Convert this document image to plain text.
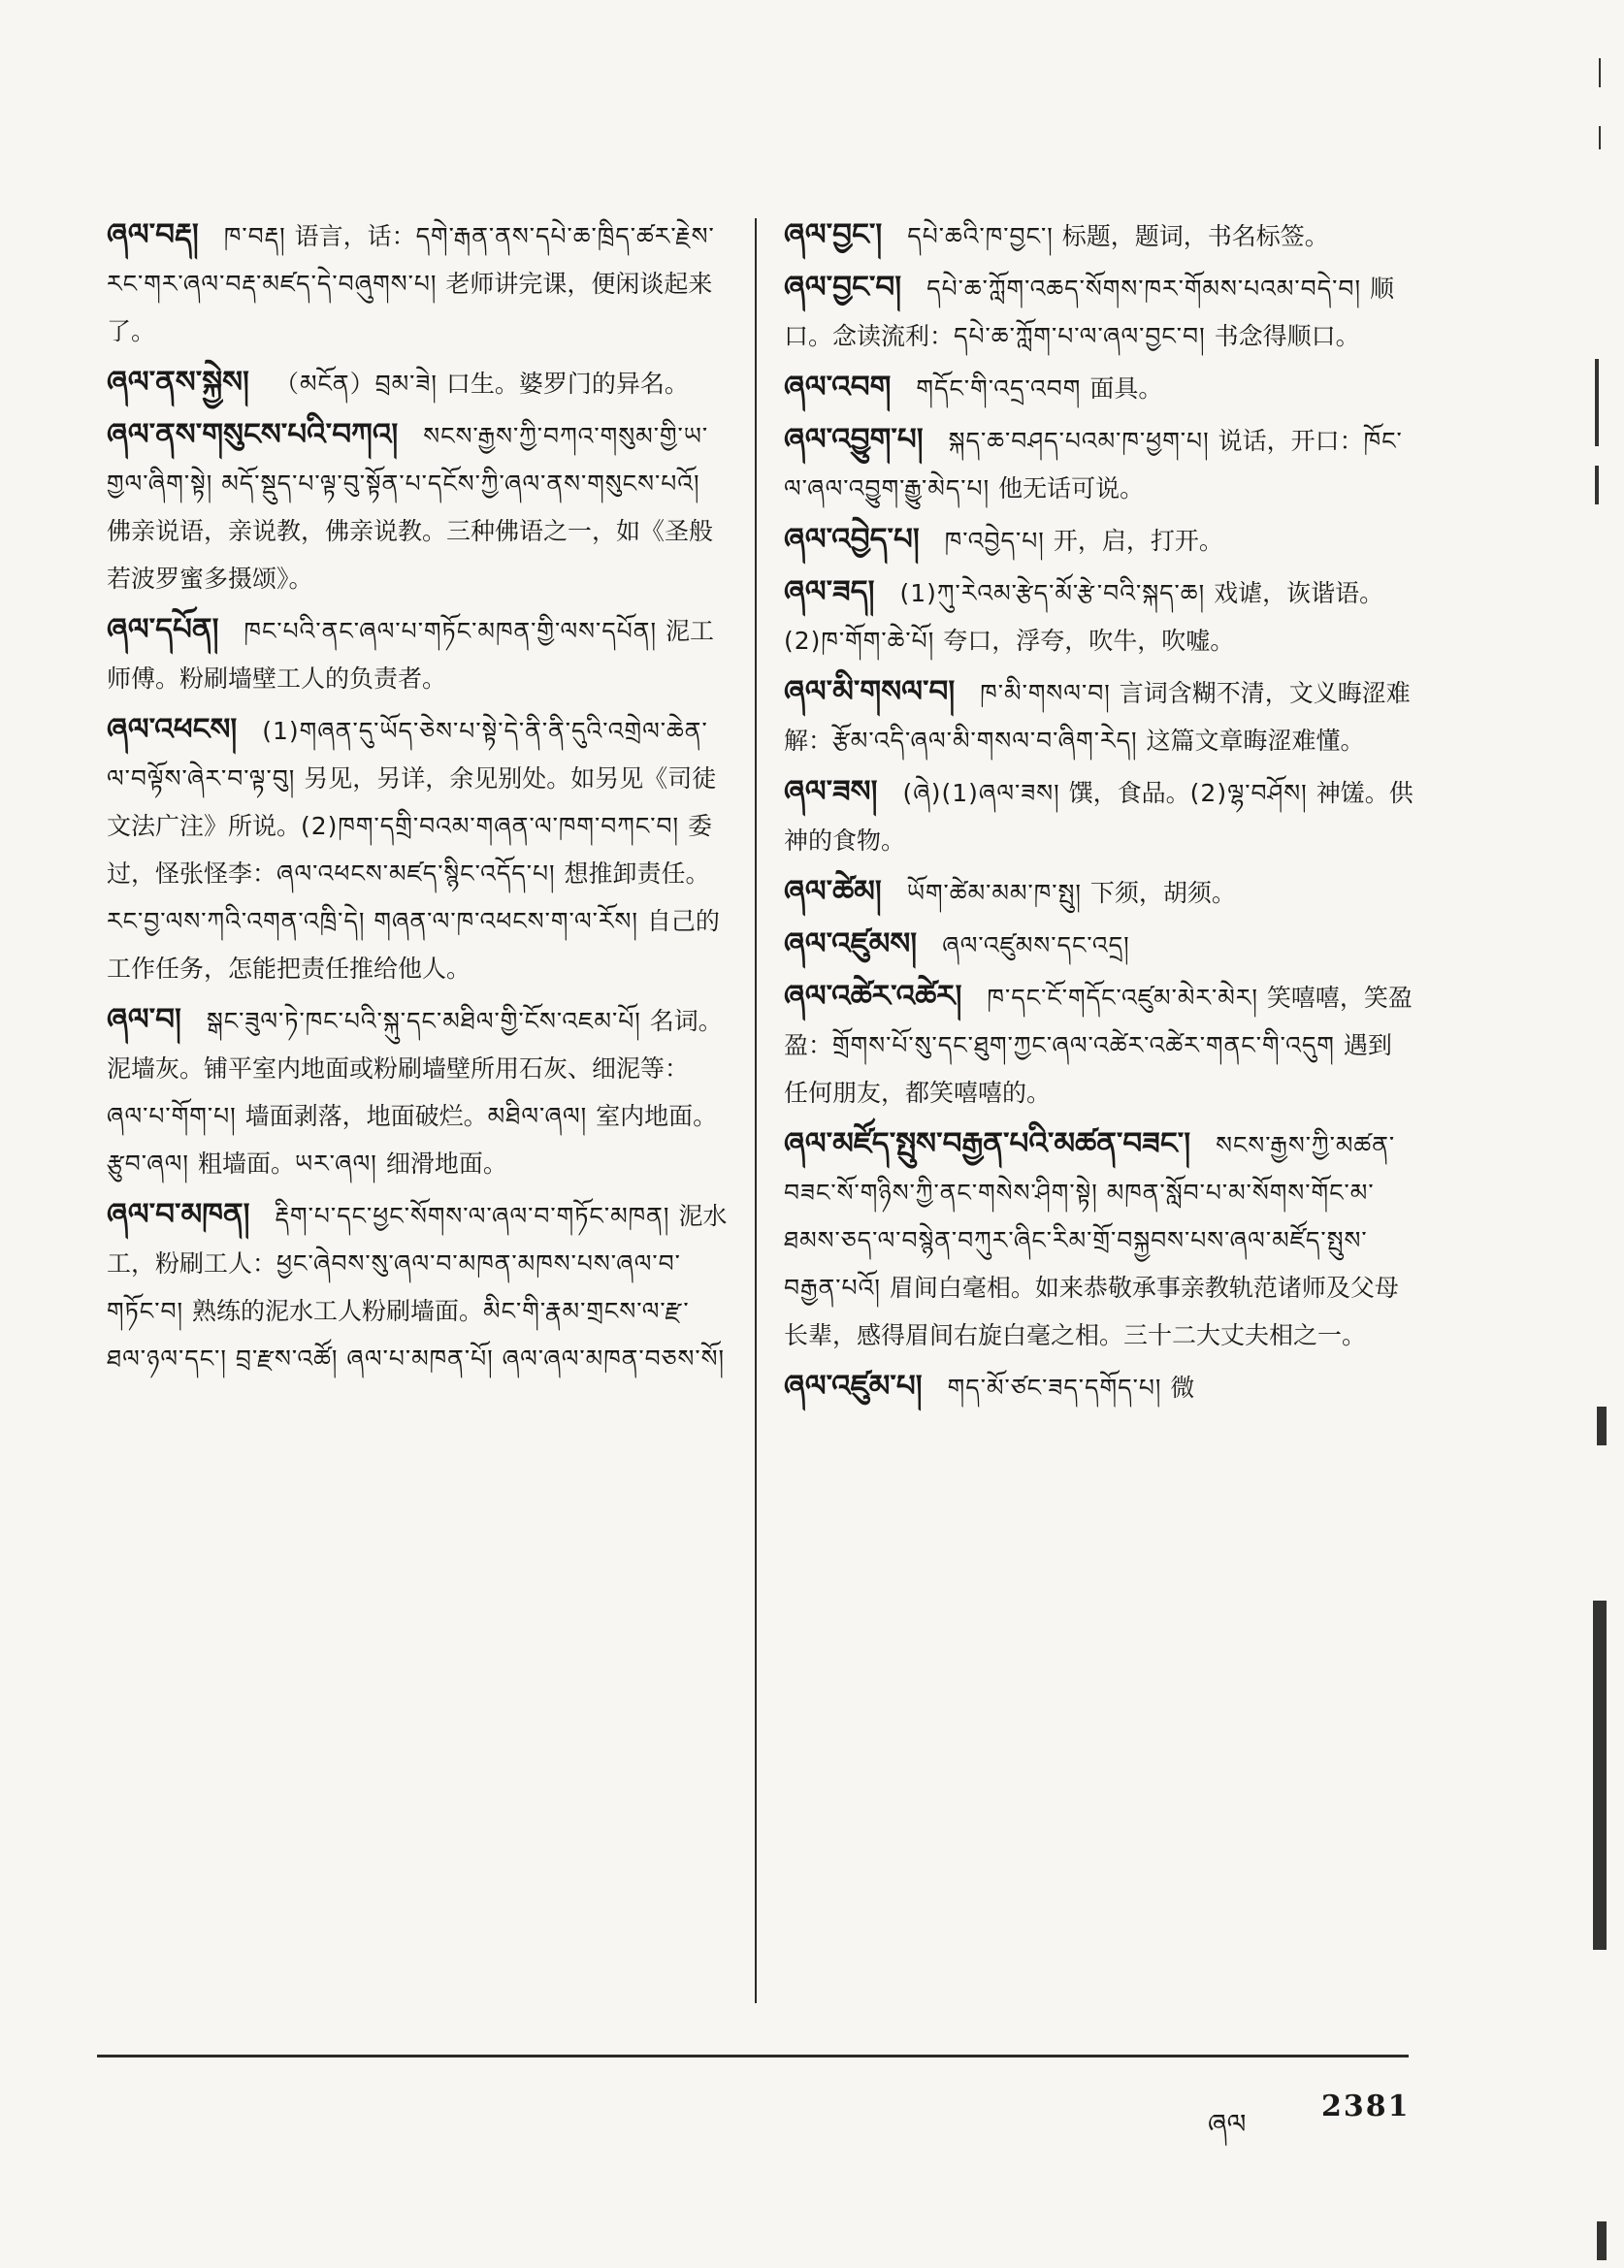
ཞལ་བརྡ། ཁ་བརྡ། 语言，话：དགེ་རྒན་ནས་དཔེ་ཆ་ཁྲིད་ཚར་རྗེས་རང་གར་ཞལ་བརྡ་མཛད་དེ་བཞུགས་པ། 老师讲完课，便闲谈起来了。
ཞལ་ནས་སྐྱེས། （མངོན）བྲམ་ཟེ། 口生。婆罗门的异名。
ཞལ་ནས་གསུངས་པའི་བཀའ། སངས་རྒྱས་ཀྱི་བཀའ་གསུམ་གྱི་ཡ་གྱལ་ཞིག་སྟེ། མདོ་སྡུད་པ་ལྟ་བུ་སྟོན་པ་དངོས་ཀྱི་ཞལ་ནས་གསུངས་པའོ། 佛亲说语，亲说教，佛亲说教。三种佛语之一，如《圣般若波罗蜜多摄颂》。
ཞལ་དཔོན། ཁང་པའི་ནང་ཞལ་པ་གཏོང་མཁན་གྱི་ལས་དཔོན། 泥工师傅。粉刷墙壁工人的负责者。
ཞལ་འཕངས། (1)གཞན་དུ་ཡོད་ཅེས་པ་སྟེ་དེ་ནི་ནི་དུའི་འགྲེལ་ཆེན་ལ་བལྟོས་ཞེར་བ་ལྟ་བུ། 另见，另详，余见别处。如另见《司徒文法广注》所说。(2)ཁག་དགྲི་བའམ་གཞན་ལ་ཁག་བཀང་བ། 委过，怪张怪李：ཞལ་འཕངས་མཛད་སྙིང་འདོད་པ། 想推卸责任。རང་བྱ་ལས་ཀའི་འགན་འཁྲི་དེ། གཞན་ལ་ཁ་འཕངས་ག་ལ་རོས། 自己的工作任务，怎能把责任推给他人。
ཞལ་བ། སྒང་ཟུལ་ཏེ་ཁང་པའི་སྐུ་དང་མཐིལ་གྱི་ངོས་འཇམ་པོ། 名词。泥墙灰。铺平室内地面或粉刷墙壁所用石灰、细泥等：ཞལ་པ་གོག་པ། 墙面剥落，地面破烂。མཐིལ་ཞལ། 室内地面。རྩུབ་ཞལ། 粗墙面。ཡར་ཞལ། 细滑地面。
ཞལ་བ་མཁན། རྡིག་པ་དང་ཕྱང་སོགས་ལ་ཞལ་བ་གཏོང་མཁན། 泥水工，粉刷工人：ཕྱང་ཞེབས་སུ་ཞལ་བ་མཁན་མཁས་པས་ཞལ་བ་གཏོང་བ། 熟练的泥水工人粉刷墙面。མིང་གི་རྣམ་གྲངས་ལ་རྫ་ཐལ་ཉལ་དང་། བྲ་རྫས་འཚོ། ཞལ་པ་མཁན་པོ། ཞལ་ཞལ་མཁན་བཅས་སོ།
ཞལ་བྱང་། དཔེ་ཆའི་ཁ་བྱང་། 标题，题词，书名标签。
ཞལ་བྱང་བ། དཔེ་ཆ་ཀློག་འཆད་སོགས་ཁར་གོམས་པའམ་བདེ་བ། 顺口。念读流利：དཔེ་ཆ་ཀློག་པ་ལ་ཞལ་བྱང་བ། 书念得顺口。
ཞལ་འབག གདོང་གི་འདྲ་འབག 面具。
ཞལ་འབྱུག་པ། སྐད་ཆ་བཤད་པའམ་ཁ་ཕྱག་པ། 说话，开口：ཁོང་ལ་ཞལ་འབྱུག་རྒྱུ་མེད་པ། 他无话可说。
ཞལ་འབྱེད་པ། ཁ་འབྱེད་པ། 开，启，打开。
ཞལ་ཟད། (1)ཀུ་རེའམ་རྩེད་མོ་རྩེ་བའི་སྐད་ཆ། 戏谑，诙谐语。(2)ཁ་གོག་ཆེ་པོ། 夸口，浮夸，吹牛，吹嘘。
ཞལ་མི་གསལ་བ། ཁ་མི་གསལ་བ། 言词含糊不清，文义晦涩难解：རྩོམ་འདི་ཞལ་མི་གསལ་བ་ཞིག་རེད། 这篇文章晦涩难懂。
ཞལ་ཟས། (ཞེ)(1)ཞལ་ཟས། 馔，食品。(2)ལྷ་བཤོས། 神馐。供神的食物。
ཞལ་ཚེམ། ཡོག་ཚེམ་མམ་ཁ་སྤུ། 下须，胡须。
ཞལ་འཛུམས། ཞལ་འཛུམས་དང་འདྲ།
ཞལ་འཚེར་འཚེར། ཁ་དང་ངོ་གདོང་འཛུམ་མེར་མེར། 笑嘻嘻，笑盈盈：གྲོགས་པོ་སུ་དང་ཐུག་ཀྱང་ཞལ་འཚེར་འཚེར་གནང་གི་འདུག 遇到任何朋友，都笑嘻嘻的。
ཞལ་མཛོད་སྤུས་བརྒྱན་པའི་མཚན་བཟང་། སངས་རྒྱས་ཀྱི་མཚན་བཟང་སོ་གཉིས་ཀྱི་ནང་གསེས་ཤིག་སྟེ། མཁན་སློབ་པ་མ་སོགས་གོང་མ་ཐམས་ཅད་ལ་བསྙེན་བཀུར་ཞིང་རིམ་གྲོ་བསྐྱབས་པས་ཞལ་མཛོད་སྤུས་བརྒྱན་པའོ། 眉间白毫相。如来恭敬承事亲教轨范诸师及父母长辈，感得眉间右旋白毫之相。三十二大丈夫相之一。
ཞལ་འཛུམ་པ། གད་མོ་ཙང་ཟད་དགོད་པ། 微
ཞལ
2381
